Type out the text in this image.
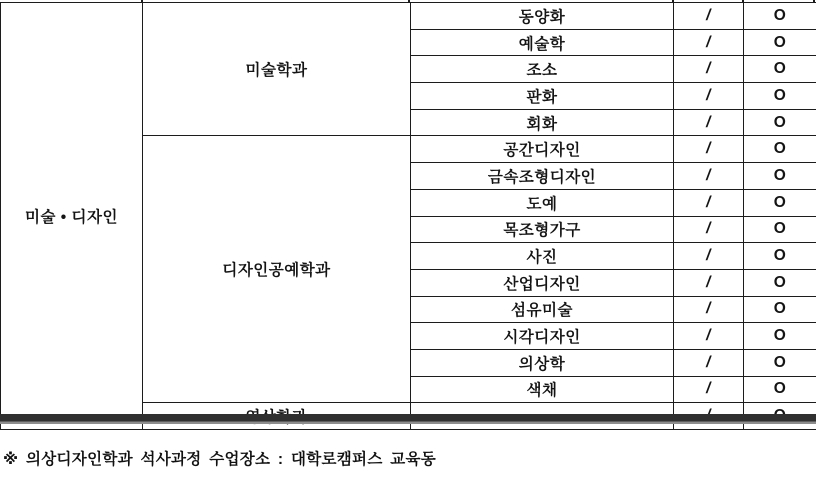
미술 • 디자인	미술학과	동양화	/	O
		예술학	/	O
		조소	/	O
		판화	/	O
		회화	/	O
	디자인공예학과	공간디자인	/	O
		금속조형디자인	/	O
		도예	/	O
		목조형가구	/	O
		사진	/	O
		산업디자인	/	O
		섬유미술	/	O
		시각디자인	/	O
		의상학	/	O
		색채	/	O

※ 의상디자인학과 석사과정 수업장소 : 대학로캠퍼스 교육동
